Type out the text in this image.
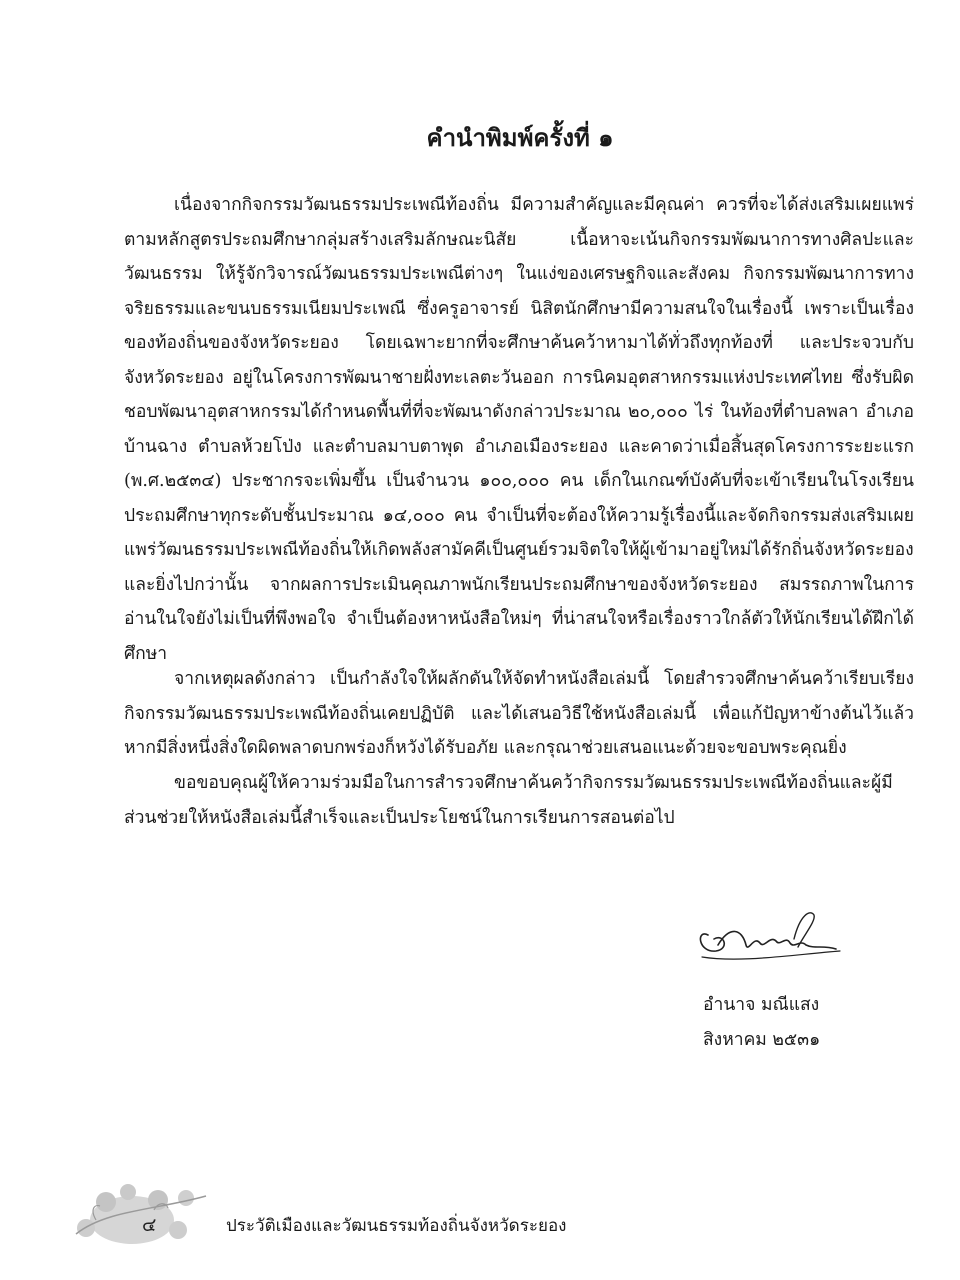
คำนำพิมพ์ครั้งที่ ๑
เนื่องจากกิจกรรมวัฒนธรรมประเพณีท้องถิ่น มีความสำคัญและมีคุณค่า ควรที่จะได้ส่งเสริมเผยแพร่ ตามหลักสูตรประถมศึกษากลุ่มสร้างเสริมลักษณะนิสัย เนื้อหาจะเน้นกิจกรรมพัฒนาการทางศิลปะและวัฒนธรรม ให้รู้จักวิจารณ์วัฒนธรรมประเพณีต่างๆ ในแง่ของเศรษฐกิจและสังคม กิจกรรมพัฒนาการทางจริยธรรมและขนบธรรมเนียมประเพณี ซึ่งครูอาจารย์ นิสิตนักศึกษามีความสนใจในเรื่องนี้ เพราะเป็นเรื่องของท้องถิ่นของจังหวัดระยอง โดยเฉพาะยากที่จะศึกษาค้นคว้าหามาได้ทั่วถึงทุกท้องที่ และประจวบกับจังหวัดระยอง อยู่ในโครงการพัฒนาชายฝั่งทะเลตะวันออก การนิคมอุตสาหกรรมแห่งประเทศไทย ซึ่งรับผิดชอบพัฒนาอุตสาหกรรมได้กำหนดพื้นที่ที่จะพัฒนาดังกล่าวประมาณ ๒๐,๐๐๐ ไร่ ในท้องที่ตำบลพลา อำเภอบ้านฉาง ตำบลห้วยโป่ง และตำบลมาบตาพุด อำเภอเมืองระยอง และคาดว่าเมื่อสิ้นสุดโครงการระยะแรก (พ.ศ.๒๕๓๔) ประชากรจะเพิ่มขึ้น เป็นจำนวน ๑๐๐,๐๐๐ คน เด็กในเกณฑ์บังคับที่จะเข้าเรียนในโรงเรียนประถมศึกษาทุกระดับชั้นประมาณ ๑๔,๐๐๐ คน จำเป็นที่จะต้องให้ความรู้เรื่องนี้และจัดกิจกรรมส่งเสริมเผยแพร่วัฒนธรรมประเพณีท้องถิ่นให้เกิดพลังสามัคคีเป็นศูนย์รวมจิตใจให้ผู้เข้ามาอยู่ใหม่ได้รักถิ่นจังหวัดระยอง และยิ่งไปกว่านั้น จากผลการประเมินคุณภาพนักเรียนประถมศึกษาของจังหวัดระยอง สมรรถภาพในการอ่านในใจยังไม่เป็นที่พึงพอใจ จำเป็นต้องหาหนังสือใหม่ๆ ที่น่าสนใจหรือเรื่องราวใกล้ตัวให้นักเรียนได้ฝึกได้ศึกษา
จากเหตุผลดังกล่าว เป็นกำลังใจให้ผลักดันให้จัดทำหนังสือเล่มนี้ โดยสำรวจศึกษาค้นคว้าเรียบเรียงกิจกรรมวัฒนธรรมประเพณีท้องถิ่นเคยปฏิบัติ และได้เสนอวิธีใช้หนังสือเล่มนี้ เพื่อแก้ปัญหาข้างต้นไว้แล้ว หากมีสิ่งหนึ่งสิ่งใดผิดพลาดบกพร่องก็หวังได้รับอภัย และกรุณาช่วยเสนอแนะด้วยจะขอบพระคุณยิ่ง
ขอขอบคุณผู้ให้ความร่วมมือในการสำรวจศึกษาค้นคว้ากิจกรรมวัฒนธรรมประเพณีท้องถิ่นและผู้มีส่วนช่วยให้หนังสือเล่มนี้สำเร็จและเป็นประโยชน์ในการเรียนการสอนต่อไป
อำนาจ มณีแสง
สิงหาคม ๒๕๓๑
๔	ประวัติเมืองและวัฒนธรรมท้องถิ่นจังหวัดระยอง
